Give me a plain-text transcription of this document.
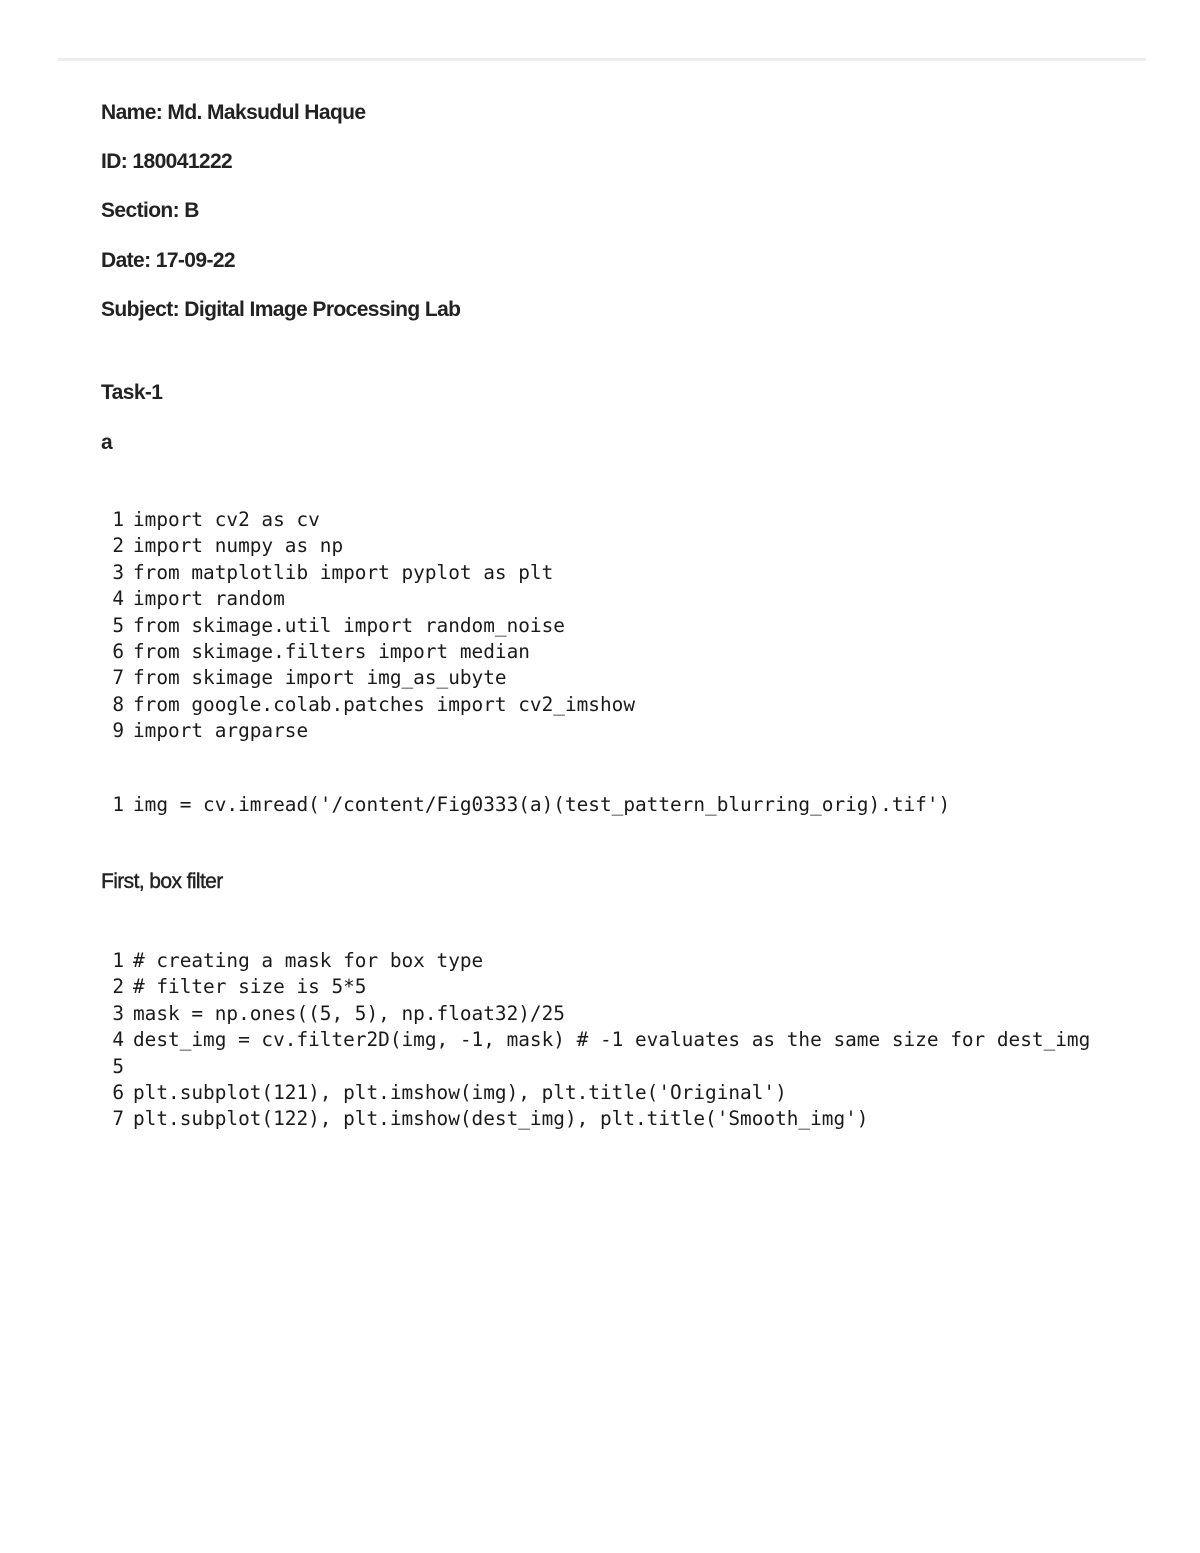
Name: Md. Maksudul Haque
ID: 180041222
Section: B
Date: 17-09-22
Subject: Digital Image Processing Lab
Task-1
a
1 import cv2 as cv
2 import numpy as np
3 from matplotlib import pyplot as plt
4 import random
5 from skimage.util import random_noise
6 from skimage.filters import median
7 from skimage import img_as_ubyte
8 from google.colab.patches import cv2_imshow
9 import argparse
1 img = cv.imread('/content/Fig0333(a)(test_pattern_blurring_orig).tif')
First, box filter
1 # creating a mask for box type
2 # filter size is 5*5
3 mask = np.ones((5, 5), np.float32)/25
4 dest_img = cv.filter2D(img, -1, mask) # -1 evaluates as the same size for dest_img
5
6 plt.subplot(121), plt.imshow(img), plt.title('Original')
7 plt.subplot(122), plt.imshow(dest_img), plt.title('Smooth_img')
